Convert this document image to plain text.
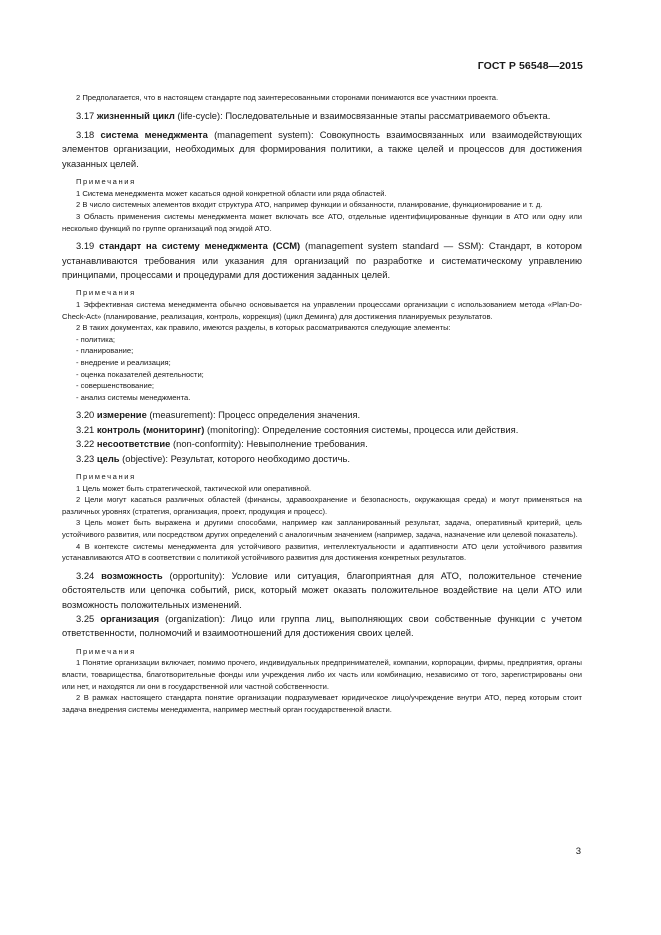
ГОСТ Р 56548—2015

2 Предполагается, что в настоящем стандарте под заинтересованными сторонами понимаются все участники проекта.

3.17 жизненный цикл (life-cycle): Последовательные и взаимосвязанные этапы рассматриваемого объекта.

3.18 система менеджмента (management system): Совокупность взаимосвязанных или взаимодействующих элементов организации, необходимых для формирования политики, а также целей и процессов для достижения указанных целей.

Примечания

1 Система менеджмента может касаться одной конкретной области или ряда областей.

2 В число системных элементов входит структура АТО, например функции и обязанности, планирование, функционирование и т. д.

3 Область применения системы менеджмента может включать все АТО, отдельные идентифицированные функции в АТО или одну или несколько функций по группе организаций под эгидой АТО.

3.19 стандарт на систему менеджмента (ССМ) (management system standard — SSM): Стандарт, в котором устанавливаются требования или указания для организаций по разработке и систематическому управлению принципами, процессами и процедурами для достижения заданных целей.

Примечания

1 Эффективная система менеджмента обычно основывается на управлении процессами организации с использованием метода «Plan-Do-Check-Act» (планирование, реализация, контроль, коррекция) (цикл Деминга) для достижения планируемых результатов.

2 В таких документах, как правило, имеются разделы, в которых рассматриваются следующие элементы:

- политика;
- планирование;
- внедрение и реализация;
- оценка показателей деятельности;
- совершенствование;
- анализ системы менеджмента.

3.20 измерение (measurement): Процесс определения значения.

3.21 контроль (мониторинг) (monitoring): Определение состояния системы, процесса или действия.

3.22 несоответствие (non-conformity): Невыполнение требования.

3.23 цель (objective): Результат, которого необходимо достичь.

Примечания

1 Цель может быть стратегической, тактической или оперативной.

2 Цели могут касаться различных областей (финансы, здравоохранение и безопасность, окружающая среда) и могут применяться на различных уровнях (стратегия, организация, проект, продукция и процесс).

3 Цель может быть выражена и другими способами, например как запланированный результат, задача, оперативный критерий, цель устойчивого развития, или посредством других определений с аналогичным значением (например, задача, назначение или целевой показатель).

4 В контексте системы менеджмента для устойчивого развития, интеллектуальности и адаптивности АТО цели устойчивого развития устанавливаются АТО в соответствии с политикой устойчивого развития для достижения конкретных результатов.

3.24 возможность (opportunity): Условие или ситуация, благоприятная для АТО, положительное стечение обстоятельств или цепочка событий, риск, который может оказать положительное воздействие на цели АТО или возможность положительных изменений.

3.25 организация (organization): Лицо или группа лиц, выполняющих свои собственные функции с учетом ответственности, полномочий и взаимоотношений для достижения своих целей.

Примечания

1 Понятие организации включает, помимо прочего, индивидуальных предпринимателей, компании, корпорации, фирмы, предприятия, органы власти, товарищества, благотворительные фонды или учреждения либо их часть или комбинацию, независимо от того, зарегистрированы они или нет, и находятся ли они в государственной или частной собственности.

2 В рамках настоящего стандарта понятие организации подразумевает юридическое лицо/учреждение внутри АТО, перед которым стоит задача внедрения системы менеджмента, например местный орган государственной власти.

3
